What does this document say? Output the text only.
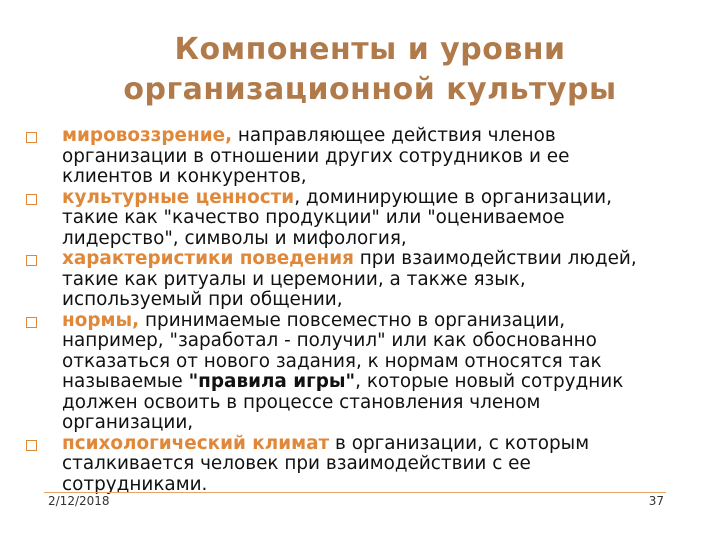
Компоненты и уровни
организационной культуры
мировоззрение, направляющее действия членов
организации в отношении других сотрудников и ее
клиентов и конкурентов,
культурные ценности, доминирующие в организации,
такие как "качество продукции" или "оцениваемое
лидерство", символы и мифология,
характеристики поведения при взаимодействии людей,
такие как ритуалы и церемонии, а также язык,
используемый при общении,
нормы, принимаемые повсеместно в организации,
например, "заработал - получил" или как обоснованно
отказаться от нового задания, к нормам относятся так
называемые "правила игры", которые новый сотрудник
должен освоить в процессе становления членом
организации,
психологический климат в организации, с которым
сталкивается человек при взаимодействии с ее
сотрудниками.
2/12/2018	37
